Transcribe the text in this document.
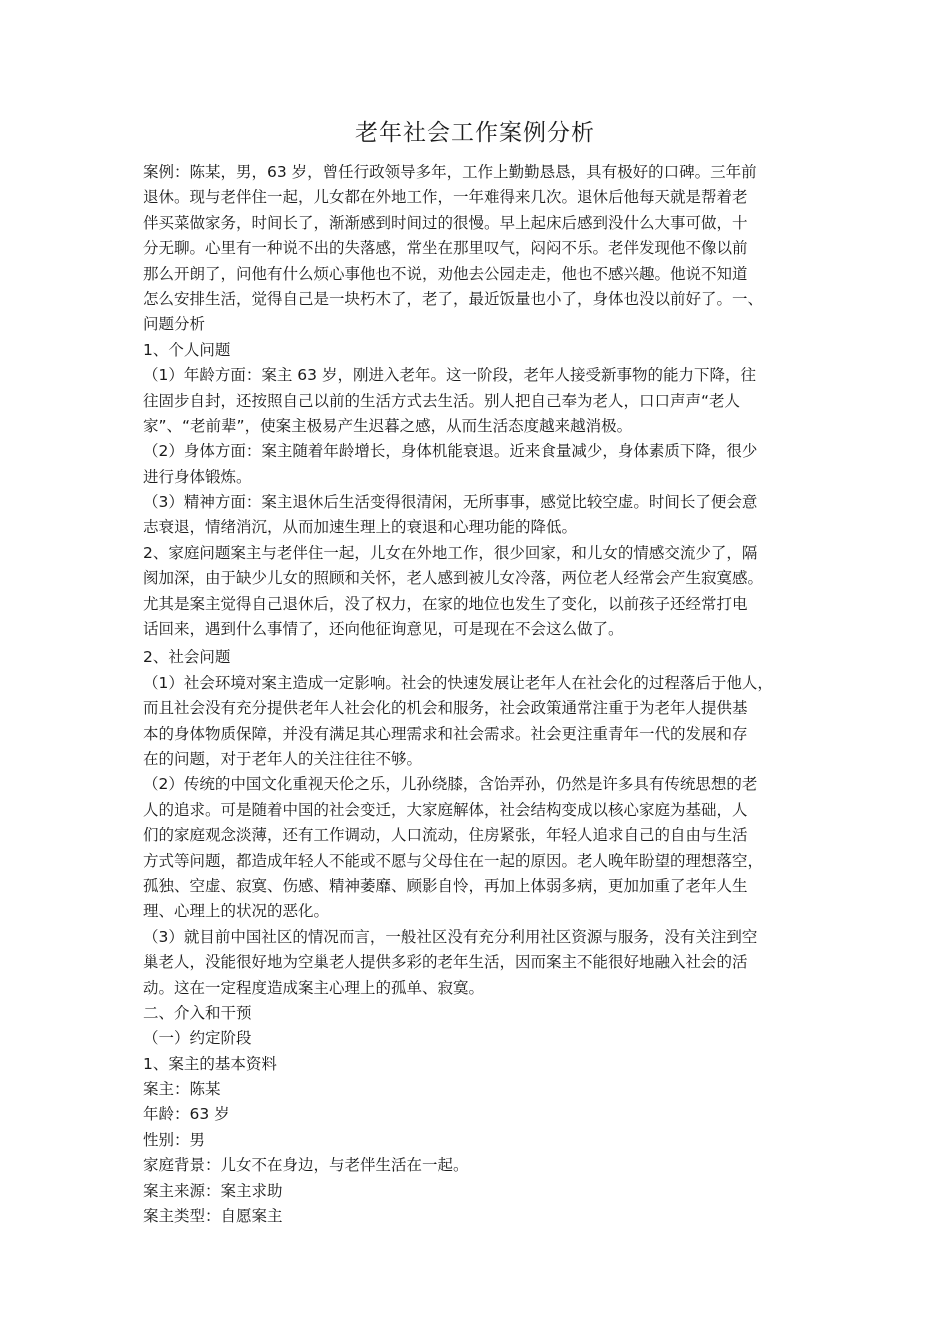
老年社会工作案例分析
案例：陈某，男，63 岁，曾任行政领导多年，工作上勤勤恳恳，具有极好的口碑。三年前
退休。现与老伴住一起，儿女都在外地工作，一年难得来几次。退休后他每天就是帮着老
伴买菜做家务，时间长了，渐渐感到时间过的很慢。早上起床后感到没什么大事可做，十
分无聊。心里有一种说不出的失落感，常坐在那里叹气，闷闷不乐。老伴发现他不像以前
那么开朗了，问他有什么烦心事他也不说，劝他去公园走走，他也不感兴趣。他说不知道
怎么安排生活，觉得自己是一块朽木了，老了，最近饭量也小了，身体也没以前好了。一、
问题分析
1、个人问题
（1）年龄方面：案主 63 岁，刚进入老年。这一阶段，老年人接受新事物的能力下降，往
往固步自封，还按照自己以前的生活方式去生活。别人把自己奉为老人，口口声声“老人
家”、“老前辈”，使案主极易产生迟暮之感，从而生活态度越来越消极。
（2）身体方面：案主随着年龄增长，身体机能衰退。近来食量减少，身体素质下降，很少
进行身体锻炼。
（3）精神方面：案主退休后生活变得很清闲，无所事事，感觉比较空虚。时间长了便会意
志衰退，情绪消沉，从而加速生理上的衰退和心理功能的降低。
2、家庭问题案主与老伴住一起，儿女在外地工作，很少回家，和儿女的情感交流少了，隔
阂加深，由于缺少儿女的照顾和关怀，老人感到被儿女冷落，两位老人经常会产生寂寞感。
尤其是案主觉得自己退休后，没了权力，在家的地位也发生了变化，以前孩子还经常打电
话回来，遇到什么事情了，还向他征询意见，可是现在不会这么做了。
2、社会问题
（1）社会环境对案主造成一定影响。社会的快速发展让老年人在社会化的过程落后于他人，
而且社会没有充分提供老年人社会化的机会和服务，社会政策通常注重于为老年人提供基
本的身体物质保障，并没有满足其心理需求和社会需求。社会更注重青年一代的发展和存
在的问题，对于老年人的关注往往不够。
（2）传统的中国文化重视天伦之乐，儿孙绕膝，含饴弄孙，仍然是许多具有传统思想的老
人的追求。可是随着中国的社会变迁，大家庭解体，社会结构变成以核心家庭为基础，人
们的家庭观念淡薄，还有工作调动，人口流动，住房紧张，年轻人追求自己的自由与生活
方式等问题，都造成年轻人不能或不愿与父母住在一起的原因。老人晚年盼望的理想落空，
孤独、空虚、寂寞、伤感、精神萎靡、顾影自怜，再加上体弱多病，更加加重了老年人生
理、心理上的状况的恶化。
（3）就目前中国社区的情况而言，一般社区没有充分利用社区资源与服务，没有关注到空
巢老人，没能很好地为空巢老人提供多彩的老年生活，因而案主不能很好地融入社会的活
动。这在一定程度造成案主心理上的孤单、寂寞。
二、介入和干预
（一）约定阶段
1、案主的基本资料
案主：陈某
年龄：63 岁
性别：男
家庭背景：儿女不在身边，与老伴生活在一起。
案主来源：案主求助
案主类型：自愿案主
